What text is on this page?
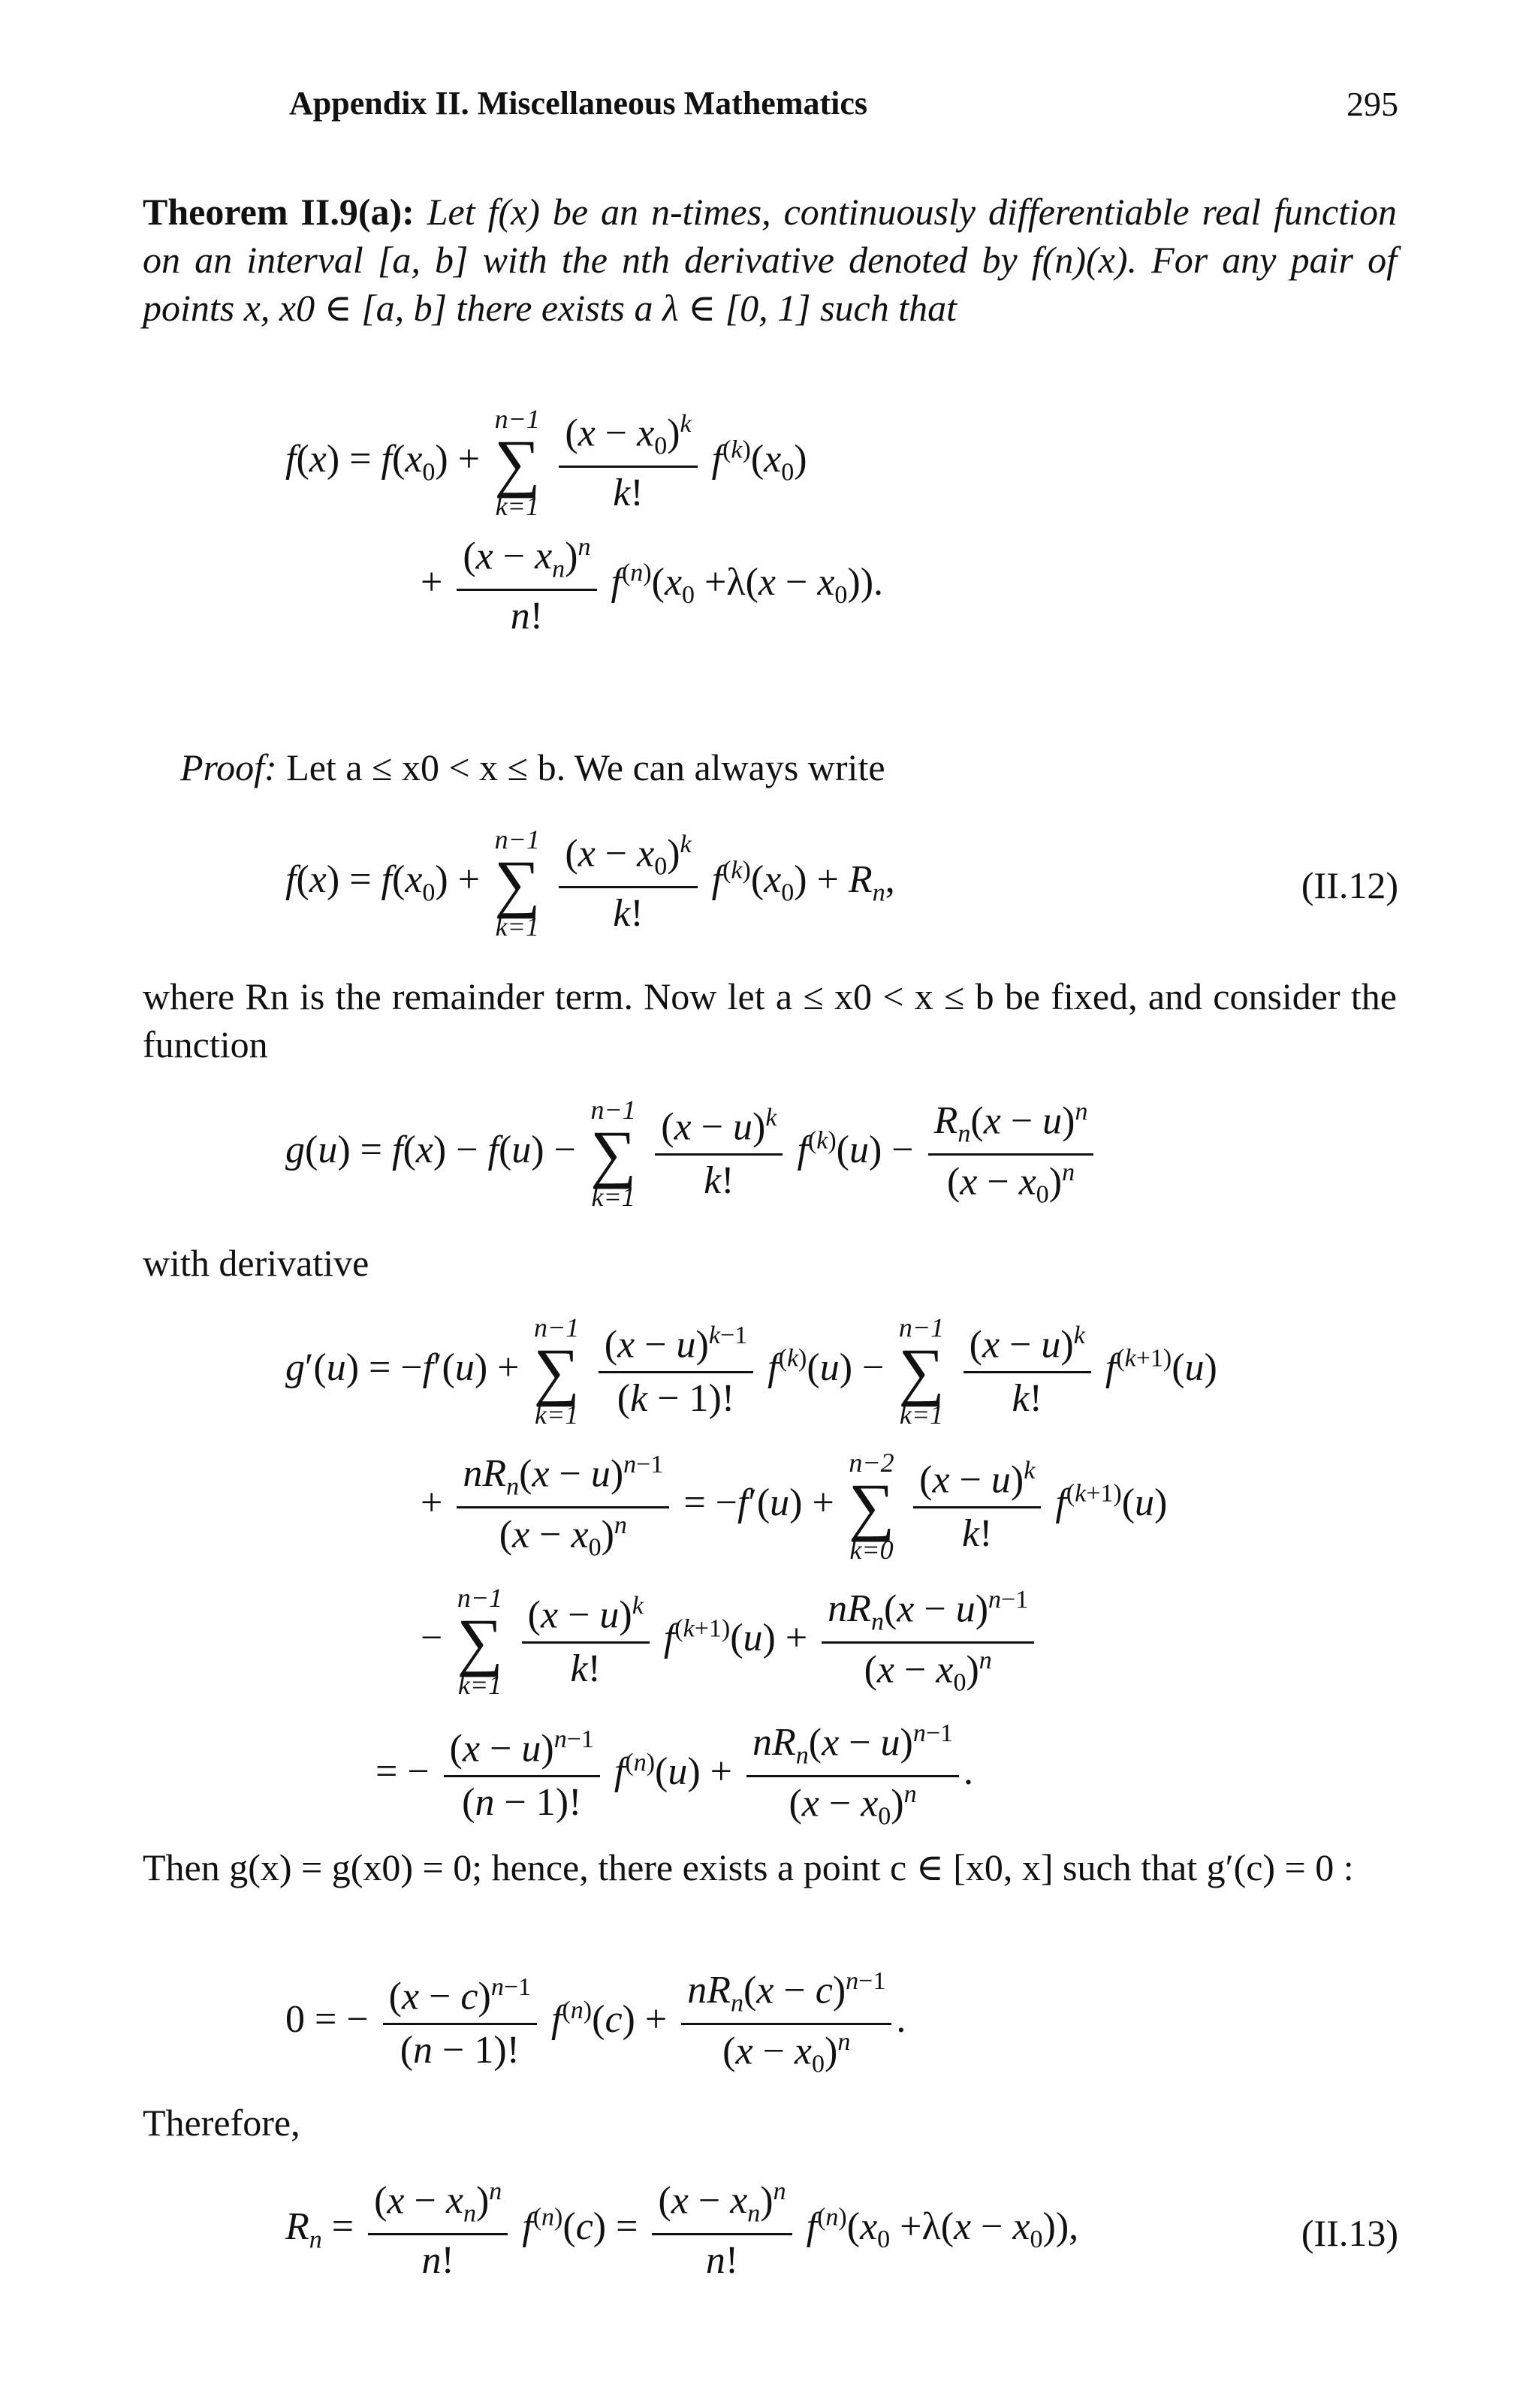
Appendix II. Miscellaneous Mathematics	295
Theorem II.9(a): Let f(x) be an n-times, continuously differentiable real function on an interval [a, b] with the nth derivative denoted by f(n)(x). For any pair of points x, x0 ∈ [a, b] there exists a λ ∈ [0, 1] such that
$f(x) = f(x_0)$ +
n−1
∑
k=1
$\frac{(x - x_0)^k}{k!} f^{(k)}(x_0)$
+ $\frac{(x - x_n)^n}{n!} f^{(n)}(x_0 +\lambda(x - x_0))$.
Proof: Let a ≤ x0 < x ≤ b. We can always write
$f(x) = f(x_0)$ +
n−1
∑
k=1
$\frac{(x - x_0)^k}{k!} f^{(k)}(x_0) + R_n$,	(II.12)
where Rn is the remainder term. Now let a ≤ x0 < x ≤ b be fixed, and consider the function
g(u) = f(x) − f(u) −
n−1
∑
k=1
$\frac{(x - u)^k}{k!} f^{(k)}(u) - \frac{R_n(x - u)^n}{(x - x_0)^n}$
with derivative
g′(u) = −f′(u) +
n−1
∑
k=1
$\frac{(x - u)^{k-1}}{(k - 1)!} f^{(k)}(u)$ −
n−1
∑
k=1
$\frac{(x - u)^k}{k!} f^{(k+1)}(u)$
+ $\frac{nR_n(x - u)^{n-1}}{(x - x_0)^n} = -f'(u)$ +
n−2
∑
k=0
$\frac{(x - u)^k}{k!} f^{(k+1)}(u)$
−
n−1
∑
k=1
$\frac{(x - u)^k}{k!} f^{(k+1)}(u) + \frac{nR_n(x - u)^{n-1}}{(x - x_0)^n}$
= − $\frac{(x - u)^{n-1}}{(n - 1)!} f^{(n)}(u) + \frac{nR_n(x - u)^{n-1}}{(x - x_0)^n}$ .
Then g(x) = g(x0) = 0; hence, there exists a point c ∈ [x0, x] such that g′(c) = 0 :
0 = − $\frac{(x - c)^{n-1}}{(n - 1)!} f^{(n)}(c) + \frac{nR_n(x - c)^{n-1}}{(x - x_0)^n}$ .
Therefore,
$R_n = \frac{(x - x_n)^n}{n!} f^{(n)}(c) = \frac{(x - x_n)^n}{n!} f^{(n)}(x_0 +\lambda(x - x_0))$,	(II.13)
